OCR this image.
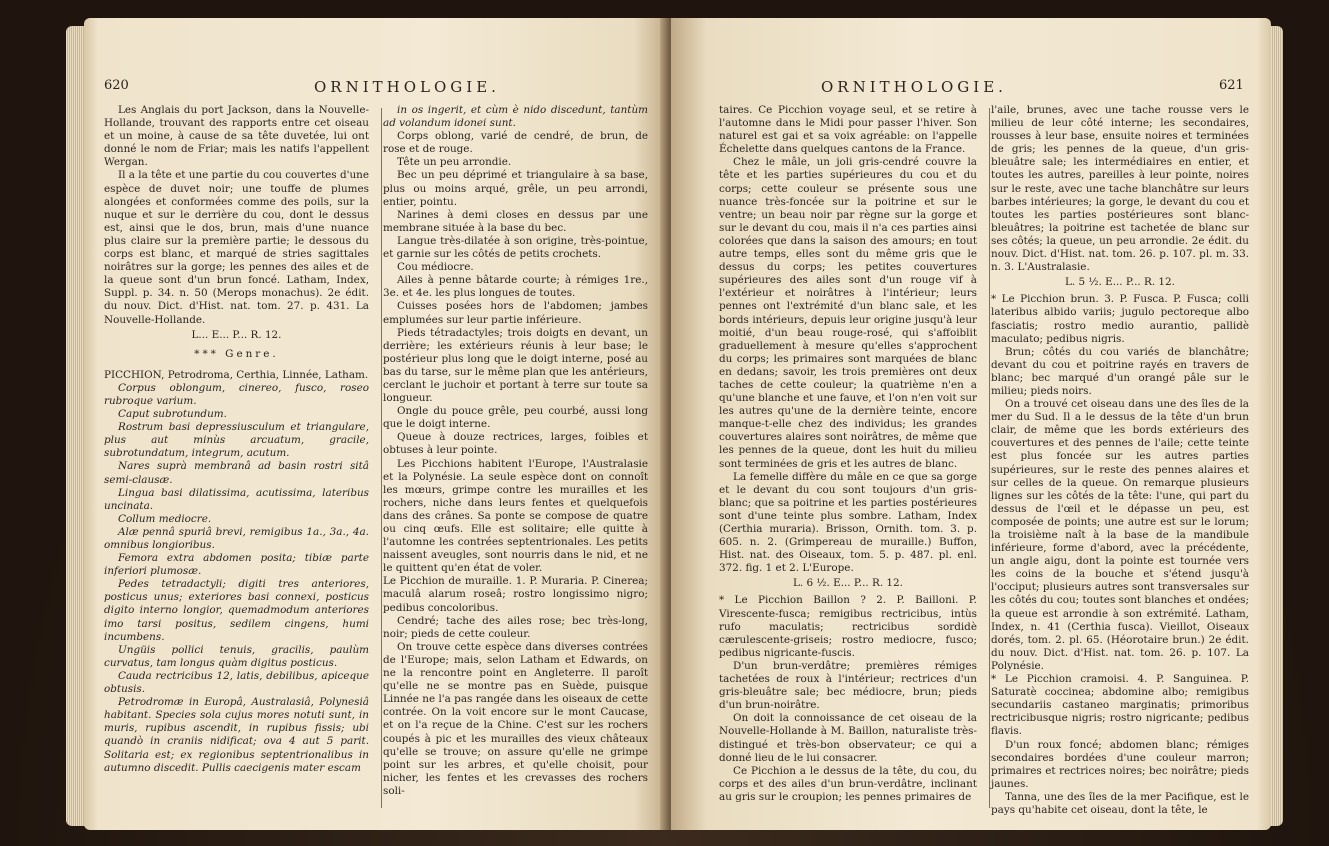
620	ORNITHOLOGIE.

Les Anglais du port Jackson, dans la Nouvelle-Hollande, trouvant des rapports entre cet oiseau et un moine, à cause de sa tête duvetée, lui ont donné le nom de Friar; mais les natifs l'appellent Wergan.

Il a la tête et une partie du cou couvertes d'une espèce de duvet noir; une touffe de plumes alongées et conformées comme des poils, sur la nuque et sur le derrière du cou, dont le dessus est, ainsi que le dos, brun, mais d'une nuance plus claire sur la première partie; le dessous du corps est blanc, et marqué de stries sagittales noirâtres sur la gorge; les pennes des ailes et de la queue sont d'un brun foncé. Latham, Index, Suppl. p. 34. n. 50 (Merops monachus). 2e édit. du nouv. Dict. d'Hist. nat. tom. 27. p. 431. La Nouvelle-Hollande.

L... E... P... R. 12.

*** Genre.

PICCHION, Petrodroma, Certhia, Linnée, Latham.

Corpus oblongum, cinereo, fusco, roseo rubroque varium.

Caput subrotundum.

Rostrum basi depressiusculum et triangulare, plus aut minùs arcuatum, gracile, subrotundatum, integrum, acutum.

Nares suprà membranâ ad basin rostri sitâ semi-clausæ.

Lingua basi dilatissima, acutissima, lateribus uncinata.

Collum mediocre.

Alæ pennâ spuriâ brevi, remigibus 1a., 3a., 4a. omnibus longioribus.

Femora extra abdomen posita; tibiæ parte inferiori plumosæ.

Pedes tetradactyli; digiti tres anteriores, posticus unus; exteriores basi connexi, posticus digito interno longior, quemadmodum anteriores imo tarsi positus, sedilem cingens, humi incumbens.

Ungüis pollici tenuis, gracilis, paulùm curvatus, tam longus quàm digitus posticus.

Cauda rectricibus 12, latis, debilibus, apiceque obtusis.

Petrodromæ in Europâ, Australasiâ, Polynesiâ habitant. Species sola cujus mores notuti sunt, in muris, rupibus ascendit, in rupibus fissis; ubi quandò in craniis nidificat; ova 4 aut 5 parit. Solitaria est; ex regionibus septentrionalibus in autumno discedit. Pullis caecigenis mater escam

in os ingerit, et cùm è nido discedunt, tantùm ad volandum idonei sunt.

Corps oblong, varié de cendré, de brun, de rose et de rouge.

Tête un peu arrondie.

Bec un peu déprimé et triangulaire à sa base, plus ou moins arqué, grêle, un peu arrondi, entier, pointu.

Narines à demi closes en dessus par une membrane située à la base du bec.

Langue très-dilatée à son origine, très-pointue, et garnie sur les côtés de petits crochets.

Cou médiocre.

Ailes à penne bâtarde courte; à rémiges 1re., 3e. et 4e. les plus longues de toutes.

Cuisses posées hors de l'abdomen; jambes emplumées sur leur partie inférieure.

Pieds tétradactyles; trois doigts en devant, un derrière; les extérieurs réunis à leur base; le postérieur plus long que le doigt interne, posé au bas du tarse, sur le même plan que les antérieurs, cerclant le juchoir et portant à terre sur toute sa longueur.

Ongle du pouce grêle, peu courbé, aussi long que le doigt interne.

Queue à douze rectrices, larges, foibles et obtuses à leur pointe.

Les Picchions habitent l'Europe, l'Australasie et la Polynésie. La seule espèce dont on connoît les mœurs, grimpe contre les murailles et les rochers, niche dans leurs fentes et quelquefois dans des crânes. Sa ponte se compose de quatre ou cinq œufs. Elle est solitaire; elle quitte à l'automne les contrées septentrionales. Les petits naissent aveugles, sont nourris dans le nid, et ne le quittent qu'en état de voler.

Le Picchion de muraille. 1. P. Muraria. P. Cinerea; maculâ alarum roseâ; rostro longissimo nigro; pedibus concoloribus.

Cendré; tache des ailes rose; bec très-long, noir; pieds de cette couleur.

On trouve cette espèce dans diverses contrées de l'Europe; mais, selon Latham et Edwards, on ne la rencontre point en Angleterre. Il paroît qu'elle ne se montre pas en Suède, puisque Linnée ne l'a pas rangée dans les oiseaux de cette contrée. On la voit encore sur le mont Caucase, et on l'a reçue de la Chine. C'est sur les rochers coupés à pic et les murailles des vieux châteaux qu'elle se trouve; on assure qu'elle ne grimpe point sur les arbres, et qu'elle choisit, pour nicher, les fentes et les crevasses des rochers soli-

ORNITHOLOGIE.	621

taires. Ce Picchion voyage seul, et se retire à l'automne dans le Midi pour passer l'hiver. Son naturel est gai et sa voix agréable: on l'appelle Échelette dans quelques cantons de la France.

Chez le mâle, un joli gris-cendré couvre la tête et les parties supérieures du cou et du corps; cette couleur se présente sous une nuance très-foncée sur la poitrine et sur le ventre; un beau noir par règne sur la gorge et sur le devant du cou, mais il n'a ces parties ainsi colorées que dans la saison des amours; en tout autre temps, elles sont du même gris que le dessus du corps; les petites couvertures supérieures des ailes sont d'un rouge vif à l'extérieur et noirâtres à l'intérieur; leurs pennes ont l'extrémité d'un blanc sale, et les bords intérieurs, depuis leur origine jusqu'à leur moitié, d'un beau rouge-rosé, qui s'affoiblit graduellement à mesure qu'elles s'approchent du corps; les primaires sont marquées de blanc en dedans; savoir, les trois premières ont deux taches de cette couleur; la quatrième n'en a qu'une blanche et une fauve, et l'on n'en voit sur les autres qu'une de la dernière teinte, encore manque-t-elle chez des individus; les grandes couvertures alaires sont noirâtres, de même que les pennes de la queue, dont les huit du milieu sont terminées de gris et les autres de blanc.

La femelle diffère du mâle en ce que sa gorge et le devant du cou sont toujours d'un gris-blanc; que sa poitrine et les parties postérieures sont d'une teinte plus sombre. Latham, Index (Certhia muraria). Brisson, Ornith. tom. 3. p. 605. n. 2. (Grimpereau de muraille.) Buffon, Hist. nat. des Oiseaux, tom. 5. p. 487. pl. enl. 372. fig. 1 et 2. L'Europe.

L. 6 ½. E... P... R. 12.

* Le Picchion Baillon ? 2. P. Bailloni. P. Virescente-fusca; remigibus rectricibus, intùs rufo maculatis; rectricibus sordidè cærulescente-griseis; rostro mediocre, fusco; pedibus nigricante-fuscis.

D'un brun-verdâtre; premières rémiges tachetées de roux à l'intérieur; rectrices d'un gris-bleuâtre sale; bec médiocre, brun; pieds d'un brun-noirâtre.

On doit la connoissance de cet oiseau de la Nouvelle-Hollande à M. Baillon, naturaliste très-distingué et très-bon observateur; ce qui a donné lieu de le lui consacrer.

Ce Picchion a le dessus de la tête, du cou, du corps et des ailes d'un brun-verdâtre, inclinant au gris sur le croupion; les pennes primaires de

l'aile, brunes, avec une tache rousse vers le milieu de leur côté interne; les secondaires, rousses à leur base, ensuite noires et terminées de gris; les pennes de la queue, d'un gris-bleuâtre sale; les intermédiaires en entier, et toutes les autres, pareilles à leur pointe, noires sur le reste, avec une tache blanchâtre sur leurs barbes intérieures; la gorge, le devant du cou et toutes les parties postérieures sont blanc-bleuâtres; la poitrine est tachetée de blanc sur ses côtés; la queue, un peu arrondie. 2e édit. du nouv. Dict. d'Hist. nat. tom. 26. p. 107. pl. m. 33. n. 3. L'Australasie.

L. 5 ½. E... P... R. 12.

* Le Picchion brun. 3. P. Fusca. P. Fusca; colli lateribus albido variis; jugulo pectoreque albo fasciatis; rostro medio aurantio, pallidè maculato; pedibus nigris.

Brun; côtés du cou variés de blanchâtre; devant du cou et poitrine rayés en travers de blanc; bec marqué d'un orangé pâle sur le milieu; pieds noirs.

On a trouvé cet oiseau dans une des îles de la mer du Sud. Il a le dessus de la tête d'un brun clair, de même que les bords extérieurs des couvertures et des pennes de l'aile; cette teinte est plus foncée sur les autres parties supérieures, sur le reste des pennes alaires et sur celles de la queue. On remarque plusieurs lignes sur les côtés de la tête: l'une, qui part du dessus de l'œil et le dépasse un peu, est composée de points; une autre est sur le lorum; la troisième naît à la base de la mandibule inférieure, forme d'abord, avec la précédente, un angle aigu, dont la pointe est tournée vers les coins de la bouche et s'étend jusqu'à l'occiput; plusieurs autres sont transversales sur les côtés du cou; toutes sont blanches et ondées; la queue est arrondie à son extrémité. Latham, Index, n. 41 (Certhia fusca). Vieillot, Oiseaux dorés, tom. 2. pl. 65. (Héorotaire brun.) 2e édit. du nouv. Dict. d'Hist. nat. tom. 26. p. 107. La Polynésie.

* Le Picchion cramoisi. 4. P. Sanguinea. P. Saturatè coccinea; abdomine albo; remigibus secundariis castaneo marginatis; primoribus rectricibusque nigris; rostro nigricante; pedibus flavis.

D'un roux foncé; abdomen blanc; rémiges secondaires bordées d'une couleur marron; primaires et rectrices noires; bec noirâtre; pieds jaunes.

Tanna, une des îles de la mer Pacifique, est le pays qu'habite cet oiseau, dont la tête, le
